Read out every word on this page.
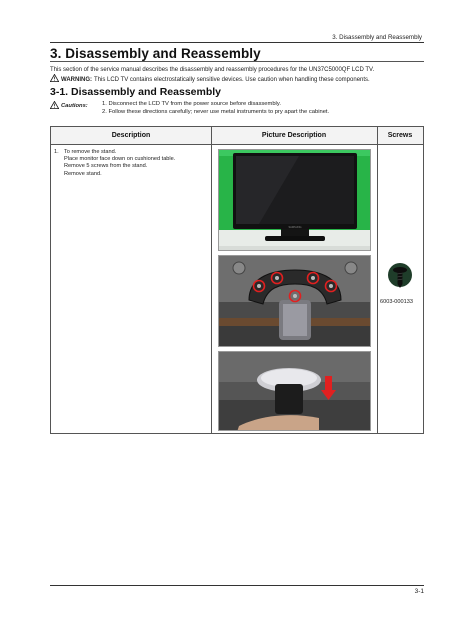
3. Disassembly and Reassembly
3. Disassembly and Reassembly
This section of the service manual describes the disassembly and reassembly procedures for the UN37C5000QF LCD TV.
WARNING: This LCD TV contains electrostatically sensitive devices. Use caution when handling these components.
3-1. Disassembly and Reassembly
Cautions: 1. Disconnect the LCD TV from the power source before disassembly.
2. Follow these directions carefully; never use metal instruments to pry apart the cabinet.
Description	Picture Description	Screws
1. To remove the stand.
Place monitor face down on cushioned table.
Remove 5 screws from the stand.
Remove stand.
SAMSUNG
6003-000133
3-1
